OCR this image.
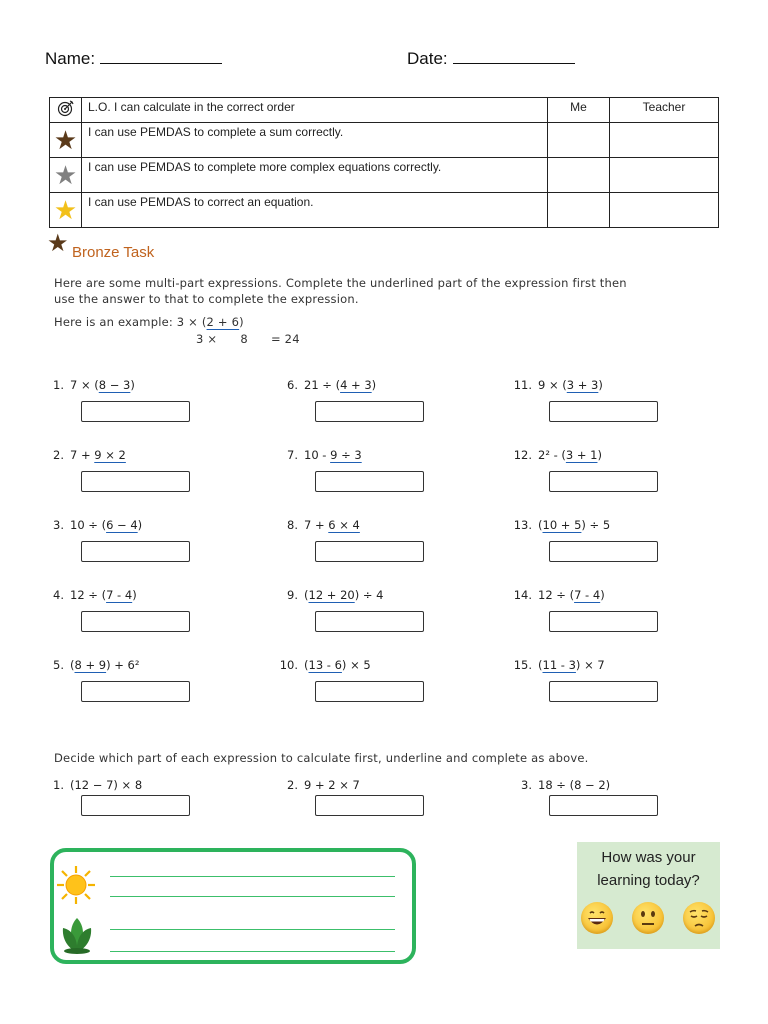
Name:	Date:
	L.O. I can calculate in the correct order	Me	Teacher
★	I can use PEMDAS to complete a sum correctly.		
★	I can use PEMDAS to complete more complex equations correctly.		
★	I can use PEMDAS to correct an equation.		
★ Bronze Task
Here are some multi-part expressions. Complete the underlined part of the expression first then
use the answer to that to complete the expression.
Here is an example: 3 × (2 + 6)
3 ×      8      = 24
1. 7 × (8 − 3)
2. 7 + 9 × 2
3. 10 ÷ (6 − 4)
4. 12 ÷ (7 - 4)
5. (8 + 9) + 6²
6. 21 ÷ (4 + 3)
7. 10 - 9 ÷ 3
8. 7 + 6 × 4
9. (12 + 20) ÷ 4
10. (13 - 6) × 5
11. 9 × (3 + 3)
12. 2² - (3 + 1)
13. (10 + 5) ÷ 5
14. 12 ÷ (7 - 4)
15. (11 - 3) × 7
Decide which part of each expression to calculate first, underline and complete as above.
1. (12 − 7) × 8	2. 9 + 2 × 7	3. 18 ÷ (8 − 2)
How was your
learning today?
